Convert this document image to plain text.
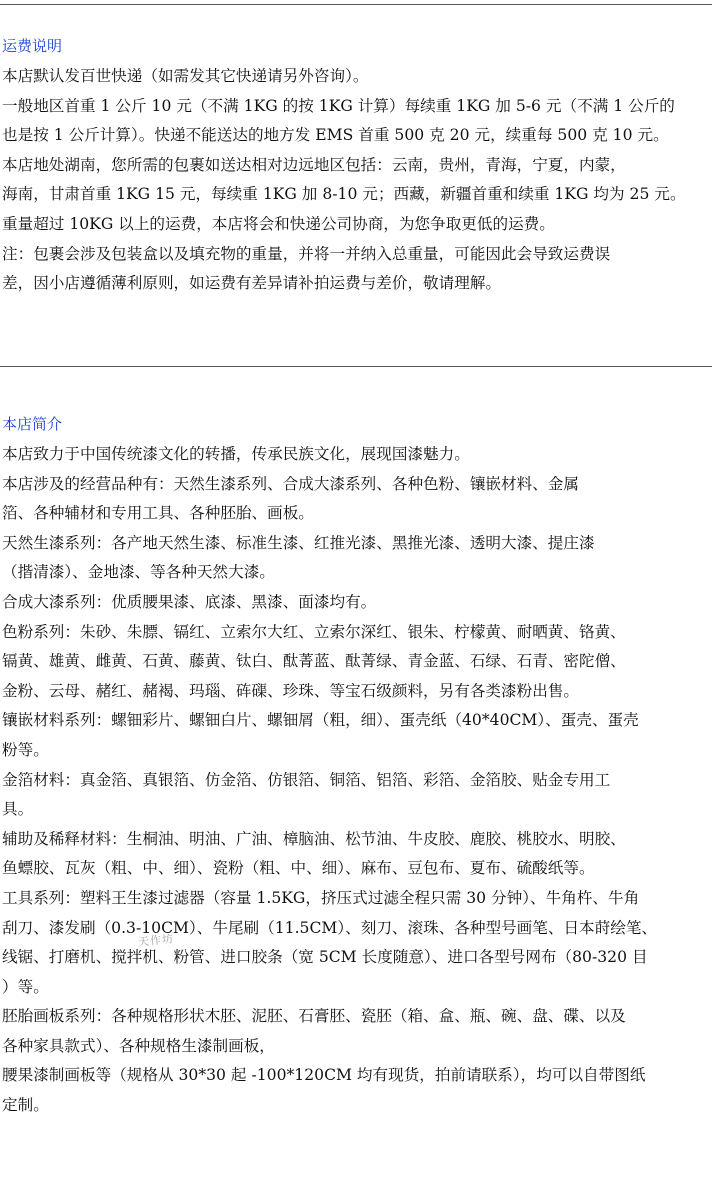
运费说明
本店默认发百世快递（如需发其它快递请另外咨询）。
一般地区首重 1 公斤 10 元（不满 1KG 的按 1KG 计算）每续重 1KG 加 5-6 元（不满 1 公斤的
也是按 1 公斤计算）。快递不能送达的地方发 EMS 首重 500 克 20 元，续重每 500 克 10 元。
本店地处湖南，您所需的包裹如送达相对边远地区包括：云南，贵州，青海，宁夏，内蒙，
海南，甘肃首重 1KG 15 元，每续重 1KG 加 8-10 元；西藏，新疆首重和续重 1KG 均为 25 元。
重量超过 10KG 以上的运费，本店将会和快递公司协商，为您争取更低的运费。
注：包裹会涉及包装盒以及填充物的重量，并将一并纳入总重量，可能因此会导致运费误
差，因小店遵循薄利原则，如运费有差异请补拍运费与差价，敬请理解。
本店简介
本店致力于中国传统漆文化的转播，传承民族文化，展现国漆魅力。
本店涉及的经营品种有：天然生漆系列、合成大漆系列、各种色粉、镶嵌材料、金属
箔、各种辅材和专用工具、各种胚胎、画板。
天然生漆系列：各产地天然生漆、标准生漆、红推光漆、黑推光漆、透明大漆、提庄漆
（揩清漆）、金地漆、等各种天然大漆。
合成大漆系列：优质腰果漆、底漆、黑漆、面漆均有。
色粉系列：朱砂、朱膘、镉红、立索尔大红、立索尔深红、银朱、柠檬黄、耐晒黄、铬黄、
镉黄、雄黄、雌黄、石黄、藤黄、钛白、酞菁蓝、酞菁绿、青金蓝、石绿、石青、密陀僧、
金粉、云母、赭红、赭褐、玛瑙、砗磲、珍珠、等宝石级颜料，另有各类漆粉出售。
镶嵌材料系列：螺钿彩片、螺钿白片、螺钿屑（粗，细）、蛋壳纸（40*40CM）、蛋壳、蛋壳
粉等。
金箔材料：真金箔、真银箔、仿金箔、仿银箔、铜箔、铝箔、彩箔、金箔胶、贴金专用工
具。
辅助及稀释材料：生桐油、明油、广油、樟脑油、松节油、牛皮胶、鹿胶、桃胶水、明胶、
鱼螵胶、瓦灰（粗、中、细）、瓷粉（粗、中、细）、麻布、豆包布、夏布、硫酸纸等。
工具系列：塑料王生漆过滤器（容量 1.5KG，挤压式过滤全程只需 30 分钟）、牛角杵、牛角
刮刀、漆发刷（0.3-10CM）、牛尾刷（11.5CM）、刻刀、滚珠、各种型号画笔、日本莳绘笔、
线锯、打磨机、搅拌机、粉管、进口胶条（宽 5CM 长度随意）、进口各型号网布（80-320 目
）等。
胚胎画板系列：各种规格形状木胚、泥胚、石膏胚、瓷胚（箱、盒、瓶、碗、盘、碟、以及
各种家具款式）、各种规格生漆制画板，
腰果漆制画板等（规格从 30*30 起 -100*120CM 均有现货，拍前请联系），均可以自带图纸
定制。
天作坊
